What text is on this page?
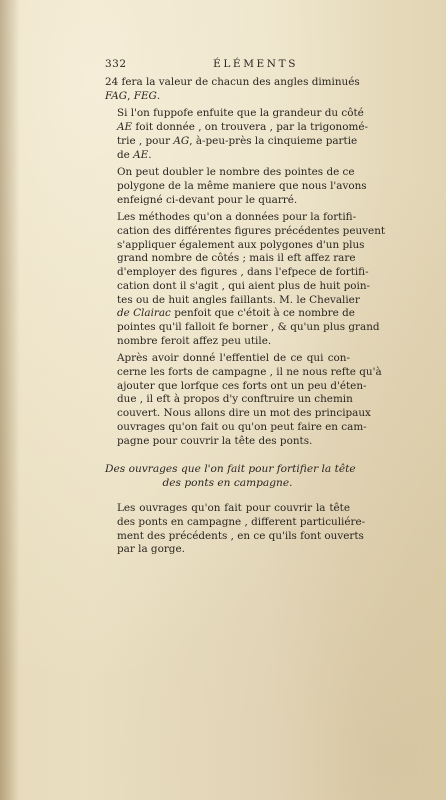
332	ÉLÉMENTS

24 fera la valeur de chacun des angles diminués
FAG, FEG.

Si l'on fuppofe enfuite que la grandeur du côté
AE foit donnée , on trouvera , par la trigonomé-
trie , pour AG, à-peu-près la cinquieme partie
de AE.

On peut doubler le nombre des pointes de ce
polygone de la même maniere que nous l'avons
enfeigné ci-devant pour le quarré.

Les méthodes qu'on a données pour la fortifi-
cation des différentes figures précédentes peuvent
s'appliquer également aux polygones d'un plus
grand nombre de côtés ; mais il eft affez rare
d'employer des figures , dans l'efpece de fortifi-
cation dont il s'agit , qui aient plus de huit poin-
tes ou de huit angles faillants. M. le Chevalier
de Clairac penfoit que c'étoit à ce nombre de
pointes qu'il falloit fe borner , & qu'un plus grand
nombre feroit affez peu utile.

Après avoir donné l'effentiel de ce qui con-
cerne les forts de campagne , il ne nous refte qu'à
ajouter que lorfque ces forts ont un peu d'éten-
due , il eft à propos d'y conftruire un chemin
couvert. Nous allons dire un mot des principaux
ouvrages qu'on fait ou qu'on peut faire en cam-
pagne pour couvrir la tête des ponts.

Des ouvrages que l'on fait pour fortifier la tête
des ponts en campagne.

Les ouvrages qu'on fait pour couvrir la tête
des ponts en campagne , different particuliére-
ment des précédents , en ce qu'ils font ouverts
par la gorge.
